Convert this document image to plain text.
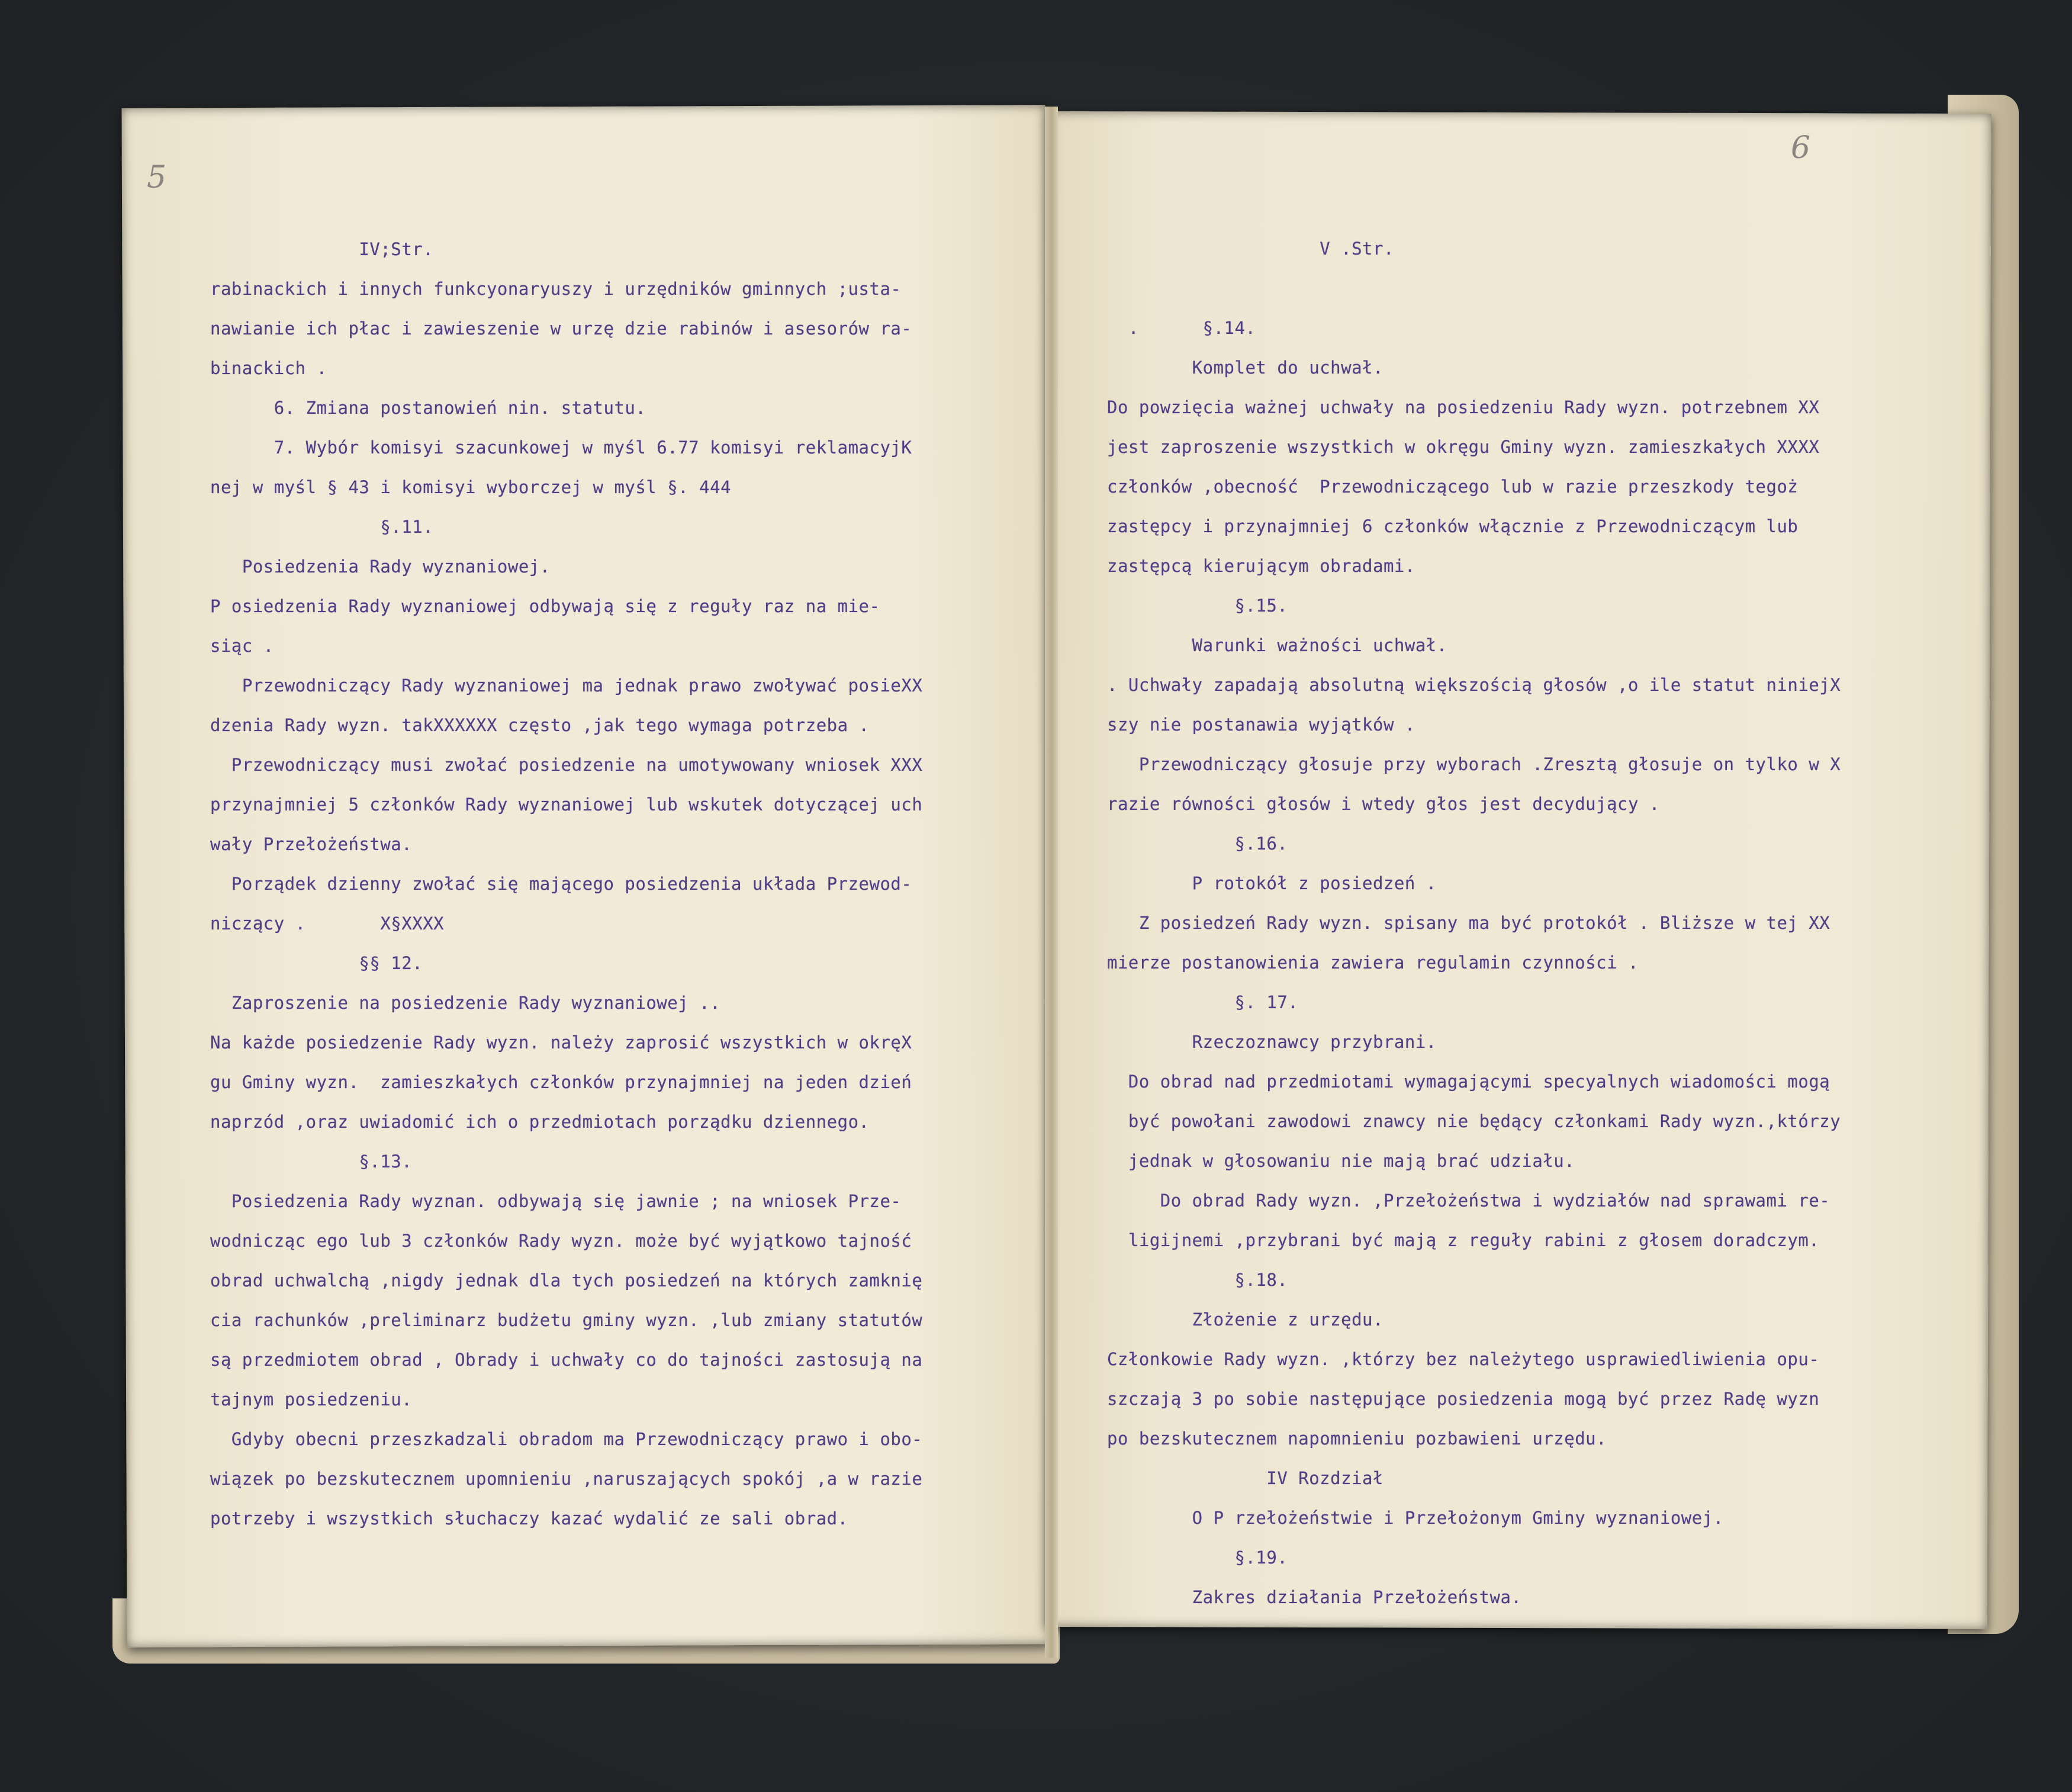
5
6
IV;Str.
rabinackich i innych funkcyonaryuszy i urzędników gminnych ;usta-
nawianie ich płac i zawieszenie w urzę dzie rabinów i asesorów ra-
binackich .
6. Zmiana postanowień nin. statutu.
7. Wybór komisyi szacunkowej w myśl 6.77 komisyi reklamacyjK
nej w myśl § 43 i komisyi wyborczej w myśl §. 444
§.11.
Posiedzenia Rady wyznaniowej.
P osiedzenia Rady wyznaniowej odbywają się z reguły raz na mie-
siąc .
Przewodniczący Rady wyznaniowej ma jednak prawo zwoływać posieXX
dzenia Rady wyzn. takXXXXXX często ,jak tego wymaga potrzeba .
Przewodniczący musi zwołać posiedzenie na umotywowany wniosek XXX
przynajmniej 5 członków Rady wyznaniowej lub wskutek dotyczącej uch
wały Przełożeństwa.
Porządek dzienny zwołać się mającego posiedzenia układa Przewod-
niczący .       X§XXXX
§§ 12.
Zaproszenie na posiedzenie Rady wyznaniowej ..
Na każde posiedzenie Rady wyzn. należy zaprosić wszystkich w okręX
gu Gminy wyzn.  zamieszkałych członków przynajmniej na jeden dzień
naprzód ,oraz uwiadomić ich o przedmiotach porządku dziennego.
§.13.
Posiedzenia Rady wyznan. odbywają się jawnie ; na wniosek Prze-
wodnicząc ego lub 3 członków Rady wyzn. może być wyjątkowo tajność
obrad uchwalchą ,nigdy jednak dla tych posiedzeń na których zamknię
cia rachunków ,preliminarz budżetu gminy wyzn. ,lub zmiany statutów
są przedmiotem obrad , Obrady i uchwały co do tajności zastosują na
tajnym posiedzeniu.
Gdyby obecni przeszkadzali obradom ma Przewodniczący prawo i obo-
wiązek po bezskutecznem upomnieniu ,naruszających spokój ,a w razie
potrzeby i wszystkich słuchaczy kazać wydalić ze sali obrad.
V .Str.
.      §.14.
Komplet do uchwał.
Do powzięcia ważnej uchwały na posiedzeniu Rady wyzn. potrzebnem XX
jest zaproszenie wszystkich w okręgu Gminy wyzn. zamieszkałych XXXX
członków ,obecność  Przewodniczącego lub w razie przeszkody tegoż
zastępcy i przynajmniej 6 członków włącznie z Przewodniczącym lub
zastępcą kierującym obradami.
§.15.
Warunki ważności uchwał.
. Uchwały zapadają absolutną większością głosów ,o ile statut niniejX
szy nie postanawia wyjątków .
Przewodniczący głosuje przy wyborach .Zresztą głosuje on tylko w X
razie równości głosów i wtedy głos jest decydujący .
§.16.
P rotokół z posiedzeń .
Z posiedzeń Rady wyzn. spisany ma być protokół . Bliższe w tej XX
mierze postanowienia zawiera regulamin czynności .
§. 17.
Rzeczoznawcy przybrani.
Do obrad nad przedmiotami wymagającymi specyalnych wiadomości mogą
być powołani zawodowi znawcy nie będący członkami Rady wyzn.,którzy
jednak w głosowaniu nie mają brać udziału.
Do obrad Rady wyzn. ,Przełożeństwa i wydziałów nad sprawami re-
ligijnemi ,przybrani być mają z reguły rabini z głosem doradczym.
§.18.
Złożenie z urzędu.
Członkowie Rady wyzn. ,którzy bez należytego usprawiedliwienia opu-
szczają 3 po sobie następujące posiedzenia mogą być przez Radę wyzn
po bezskutecznem napomnieniu pozbawieni urzędu.
IV Rozdział
O P rzełożeństwie i Przełożonym Gminy wyznaniowej.
§.19.
Zakres działania Przełożeństwa.
